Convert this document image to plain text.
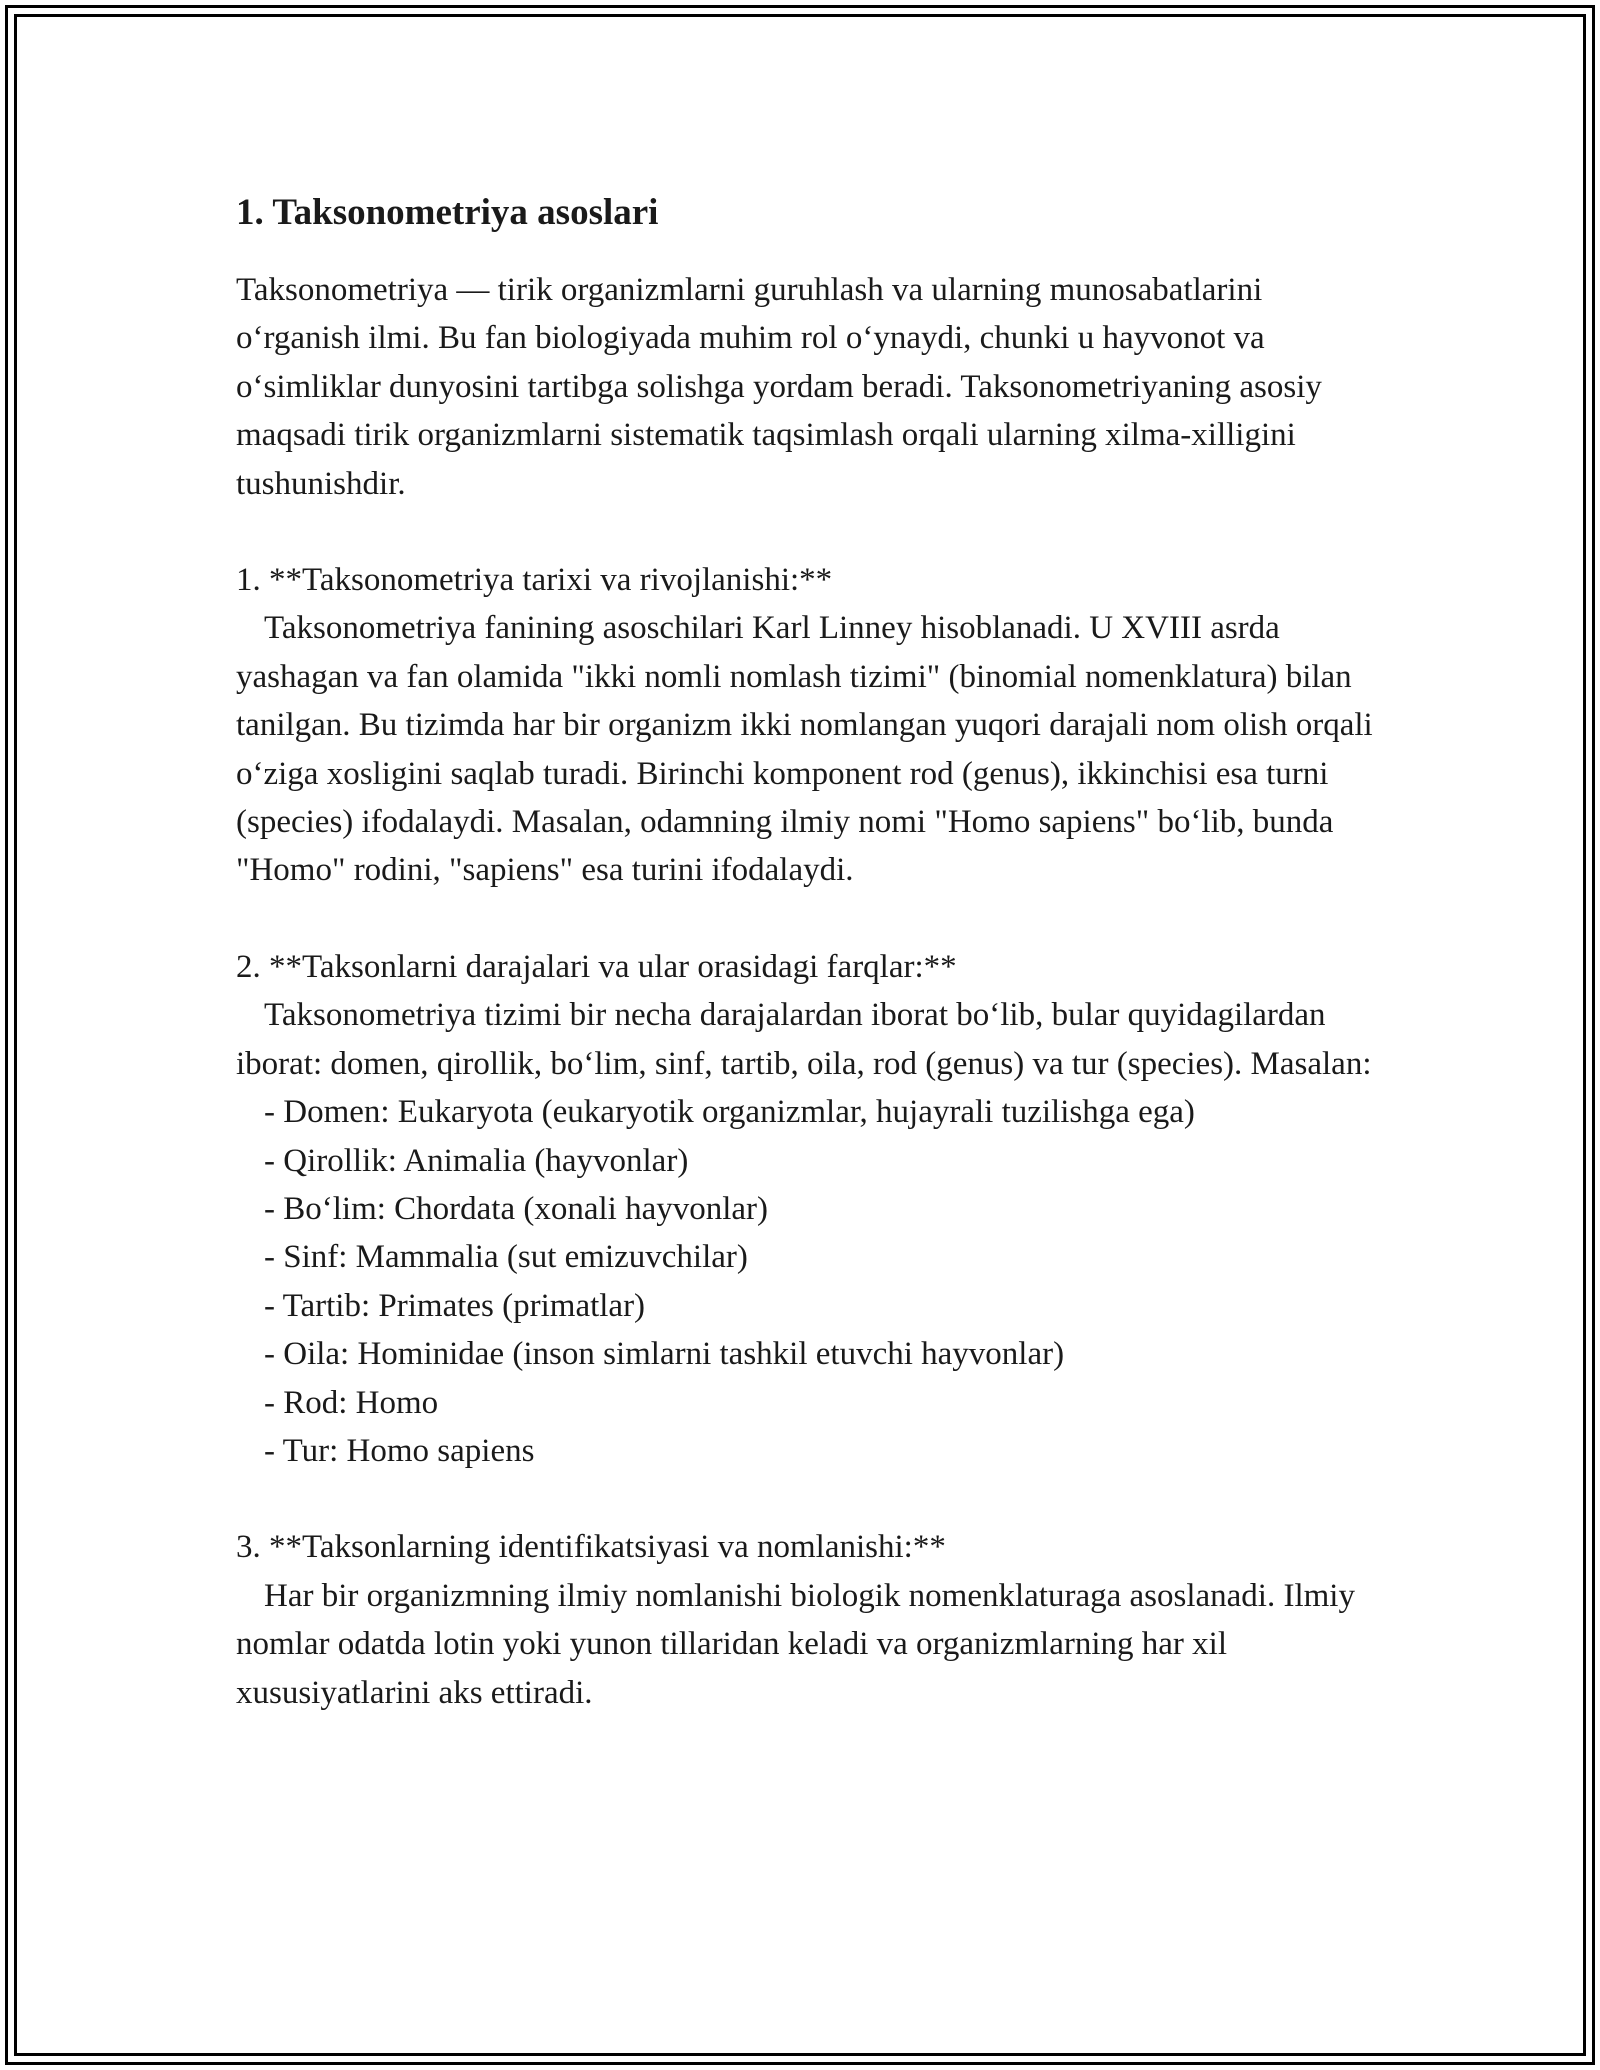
1. Taksonometriya asoslari

Taksonometriya — tirik organizmlarni guruhlash va ularning munosabatlarini o‘rganish ilmi. Bu fan biologiyada muhim rol o‘ynaydi, chunki u hayvonot va o‘simliklar dunyosini tartibga solishga yordam beradi. Taksonometriyaning asosiy maqsadi tirik organizmlarni sistematik taqsimlash orqali ularning xilma-xilligini tushunishdir.

1. **Taksonometriya tarixi va rivojlanishi:**
Taksonometriya fanining asoschilari Karl Linney hisoblanadi. U XVIII asrda yashagan va fan olamida "ikki nomli nomlash tizimi" (binomial nomenklatura) bilan tanilgan. Bu tizimda har bir organizm ikki nomlangan yuqori darajali nom olish orqali o‘ziga xosligini saqlab turadi. Birinchi komponent rod (genus), ikkinchisi esa turni (species) ifodalaydi. Masalan, odamning ilmiy nomi "Homo sapiens" bo‘lib, bunda "Homo" rodini, "sapiens" esa turini ifodalaydi.

2. **Taksonlarni darajalari va ular orasidagi farqlar:**
Taksonometriya tizimi bir necha darajalardan iborat bo‘lib, bular quyidagilardan iborat: domen, qirollik, bo‘lim, sinf, tartib, oila, rod (genus) va tur (species). Masalan:

- Domen: Eukaryota (eukaryotik organizmlar, hujayrali tuzilishga ega)
- Qirollik: Animalia (hayvonlar)
- Bo‘lim: Chordata (xonali hayvonlar)
- Sinf: Mammalia (sut emizuvchilar)
- Tartib: Primates (primatlar)
- Oila: Hominidae (inson simlarni tashkil etuvchi hayvonlar)
- Rod: Homo
- Tur: Homo sapiens

3. **Taksonlarning identifikatsiyasi va nomlanishi:**
Har bir organizmning ilmiy nomlanishi biologik nomenklaturaga asoslanadi. Ilmiy nomlar odatda lotin yoki yunon tillaridan keladi va organizmlarning har xil xususiyatlarini aks ettiradi.
